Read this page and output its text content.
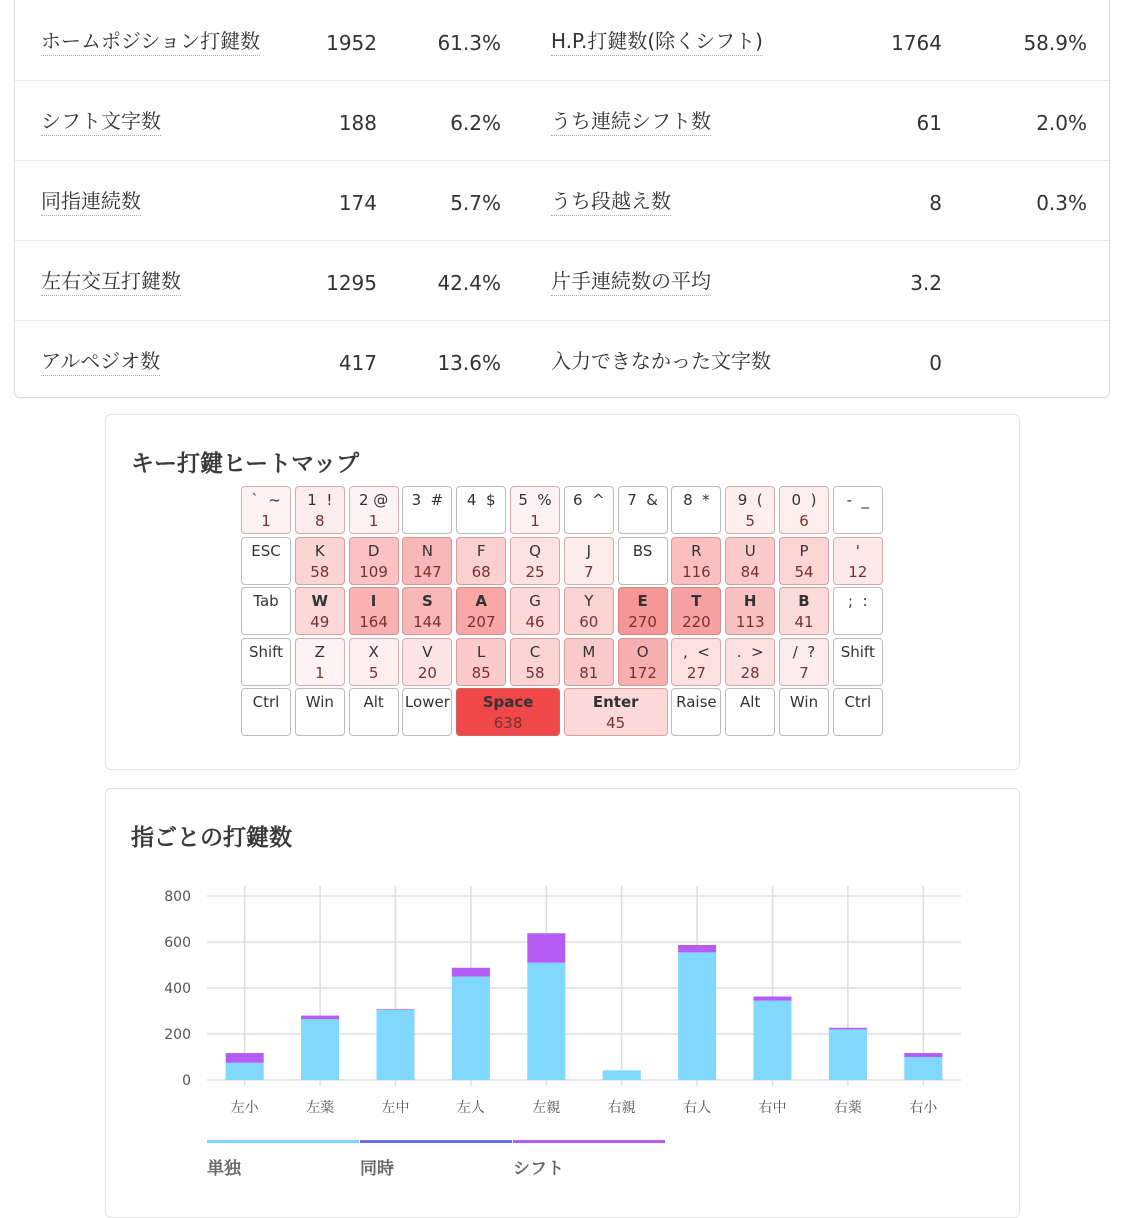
ホームポジション打鍵数	1952	61.3%	H.P.打鍵数(除くシフト)	1764	58.9%
シフト文字数	188	6.2%	うち連続シフト数	61	2.0%
同指連続数	174	5.7%	うち段越え数	8	0.3%
左右交互打鍵数	1295	42.4%	片手連続数の平均	3.2
アルペジオ数	417	13.6%	入力できなかった文字数	0
キー打鍵ヒートマップ
`  ~
1
1  !
8
2 @
1
3  #	4  $	5  %
1
6  ^	7  &	8  *	9  (
5
0  )
6
-  _
ESC	K
58
D
109
N
147
F
68
Q
25
J
7
BS	R
116
U
84
P
54
'
12
Tab	W
49
I
164
S
144
A
207
G
46
Y
60
E
270
T
220
H
113
B
41
;  :
Shift	Z
1
X
5
V
20
L
85
C
58
M
81
O
172
,  <
27
.  >
28
/  ?
7
Shift
Ctrl	Win	Alt	Lower	Space
638
Enter
45
Raise	Alt	Win	Ctrl
指ごとの打鍵数
0
200
400
600
800
左小	左薬	左中	左人	左親	右親	右人	右中	右薬	右小
単独	同時	シフト
